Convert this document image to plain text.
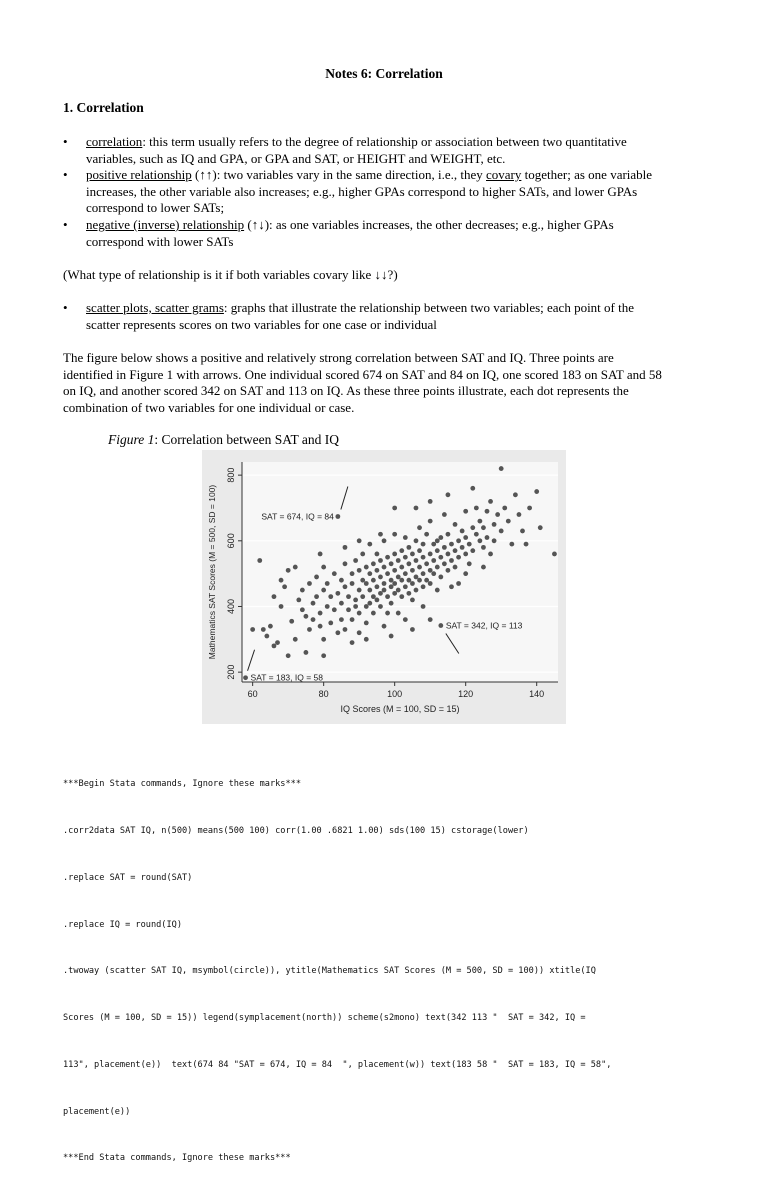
Notes 6: Correlation
1. Correlation
• correlation: this term usually refers to the degree of relationship or association between two quantitative
variables, such as IQ and GPA, or GPA and SAT, or HEIGHT and WEIGHT, etc.
• positive relationship (↑↑): two variables vary in the same direction, i.e., they covary together; as one variable
increases, the other variable also increases; e.g., higher GPAs correspond to higher SATs, and lower GPAs
correspond to lower SATs;
• negative (inverse) relationship (↑↓): as one variables increases, the other decreases; e.g., higher GPAs
correspond with lower SATs
(What type of relationship is it if both variables covary like ↓↓?)
• scatter plots, scatter grams: graphs that illustrate the relationship between two variables; each point of the
scatter represents scores on two variables for one case or individual
The figure below shows a positive and relatively strong correlation between SAT and IQ. Three points are
identified in Figure 1 with arrows. One individual scored 674 on SAT and 84 on IQ, one scored 183 on SAT and 58
on IQ, and another scored 342 on SAT and 113 on IQ. As these three points illustrate, each dot represents the
combination of two variables for one individual or case.
Figure 1: Correlation between SAT and IQ
60	80	100	120	140
200
400
600
800
SAT = 674, IQ = 84
SAT = 342, IQ = 113
SAT = 183, IQ = 58
Mathematics SAT Scores (M = 500, SD = 100)
IQ Scores (M = 100, SD = 15)

***Begin Stata commands, Ignore these marks***

.corr2data SAT IQ, n(500) means(500 100) corr(1.00 .6821 1.00) sds(100 15) cstorage(lower)

.replace SAT = round(SAT)

.replace IQ = round(IQ)

.twoway (scatter SAT IQ, msymbol(circle)), ytitle(Mathematics SAT Scores (M = 500, SD = 100)) xtitle(IQ

Scores (M = 100, SD = 15)) legend(symplacement(north)) scheme(s2mono) text(342 113 "  SAT = 342, IQ =

113", placement(e))  text(674 84 "SAT = 674, IQ = 84  ", placement(w)) text(183 58 "  SAT = 183, IQ = 58",

placement(e))

***End Stata commands, Ignore these marks***
